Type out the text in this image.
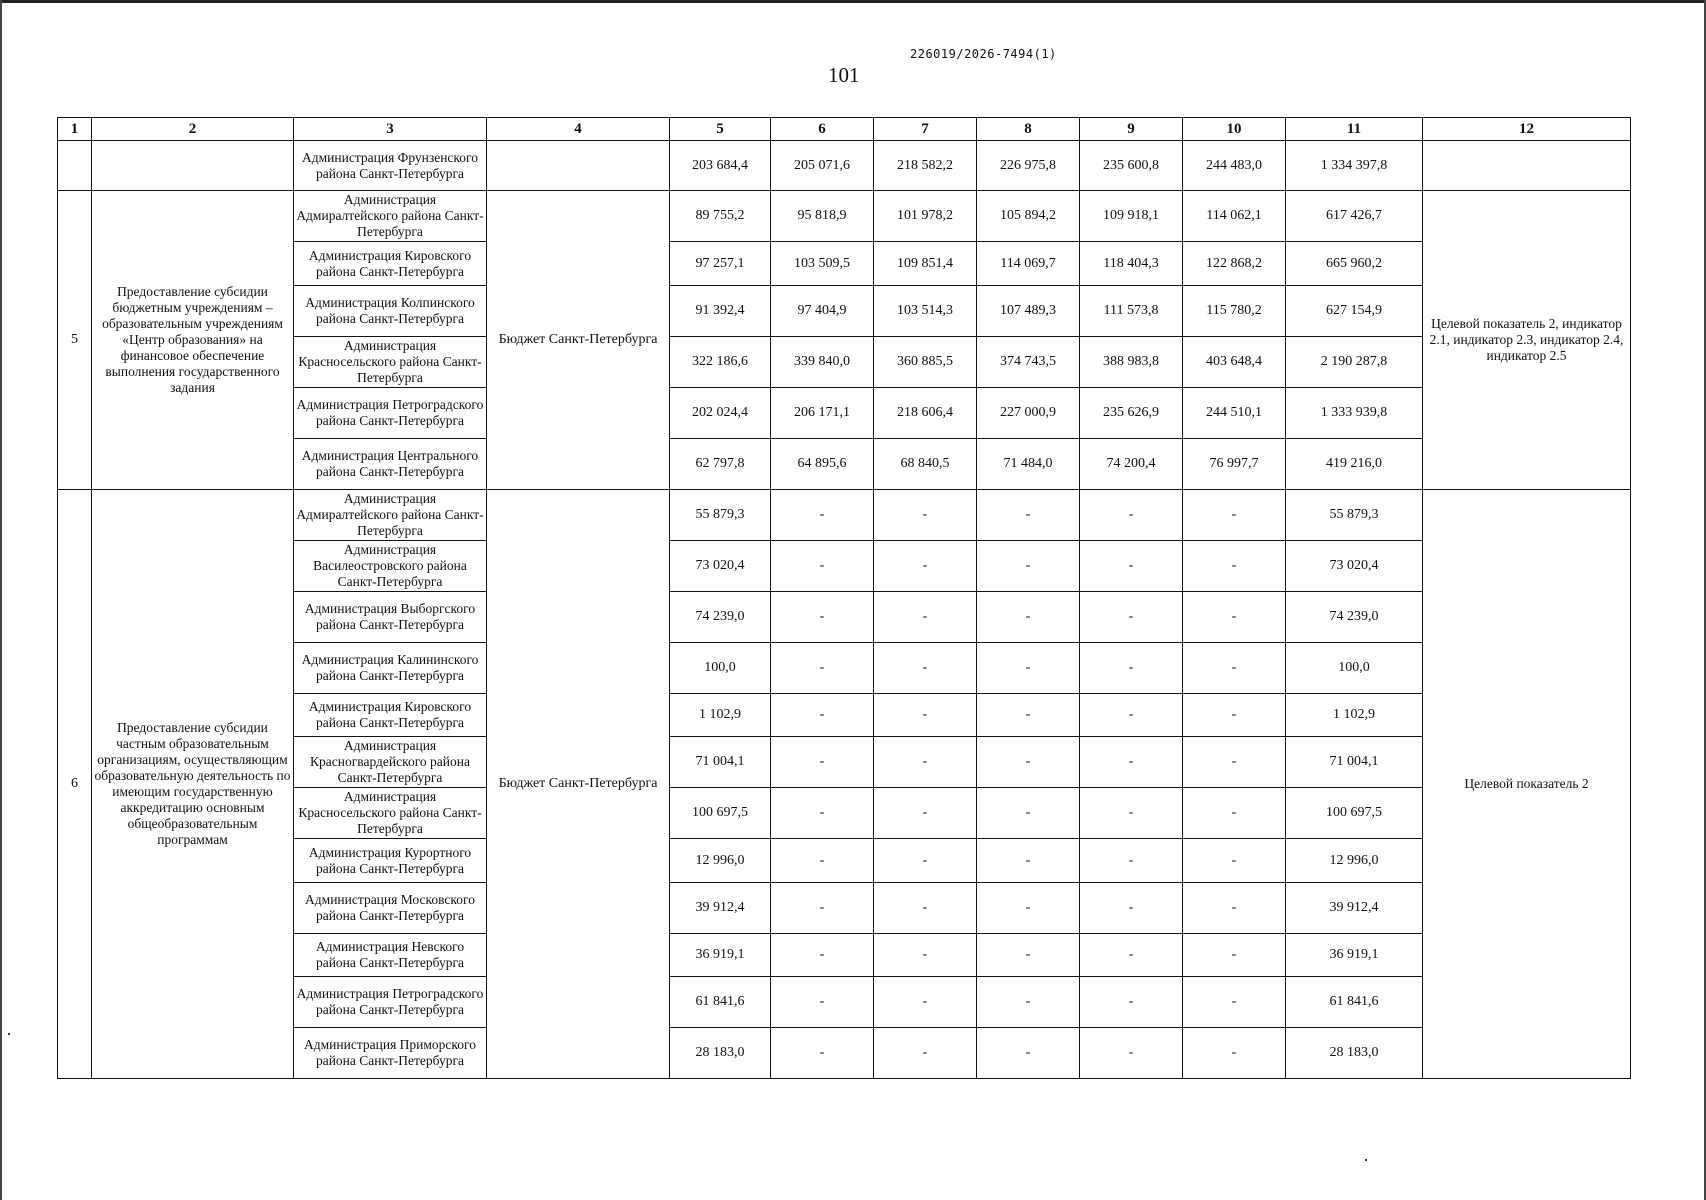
226019/2026-7494(1)
101
1	2	3	4	5	6	7	8	9	10	11	12
		Администрация Фрунзенского района Санкт-Петербурга		203 684,4	205 071,6	218 582,2	226 975,8	235 600,8	244 483,0	1 334 397,8	
5	Предоставление субсидии бюджетным учреждениям – образовательным учреждениям «Центр образования» на финансовое обеспечение выполнения государственного задания	Администрация Адмиралтейского района Санкт-Петербурга	Бюджет Санкт-Петербурга	89 755,2	95 818,9	101 978,2	105 894,2	109 918,1	114 062,1	617 426,7	Целевой показатель 2, индикатор 2.1, индикатор 2.3, индикатор 2.4, индикатор 2.5
		Администрация Кировского района Санкт-Петербурга		97 257,1	103 509,5	109 851,4	114 069,7	118 404,3	122 868,2	665 960,2	
		Администрация Колпинского района Санкт-Петербурга		91 392,4	97 404,9	103 514,3	107 489,3	111 573,8	115 780,2	627 154,9	
		Администрация Красносельского района Санкт-Петербурга		322 186,6	339 840,0	360 885,5	374 743,5	388 983,8	403 648,4	2 190 287,8	
		Администрация Петроградского района Санкт-Петербурга		202 024,4	206 171,1	218 606,4	227 000,9	235 626,9	244 510,1	1 333 939,8	
		Администрация Центрального района Санкт-Петербурга		62 797,8	64 895,6	68 840,5	71 484,0	74 200,4	76 997,7	419 216,0	
6	Предоставление субсидии частным образовательным организациям, осуществляющим образовательную деятельность по имеющим государственную аккредитацию основным общеобразовательным программам	Администрация Адмиралтейского района Санкт-Петербурга	Бюджет Санкт-Петербурга	55 879,3	-	-	-	-	-	55 879,3	Целевой показатель 2
		Администрация Василеостровского района Санкт-Петербурга		73 020,4	-	-	-	-	-	73 020,4	
		Администрация Выборгского района Санкт-Петербурга		74 239,0	-	-	-	-	-	74 239,0	
		Администрация Калининского района Санкт-Петербурга		100,0	-	-	-	-	-	100,0	
		Администрация Кировского района Санкт-Петербурга		1 102,9	-	-	-	-	-	1 102,9	
		Администрация Красногвардейского района Санкт-Петербурга		71 004,1	-	-	-	-	-	71 004,1	
		Администрация Красносельского района Санкт-Петербурга		100 697,5	-	-	-	-	-	100 697,5	
		Администрация Курортного района Санкт-Петербурга		12 996,0	-	-	-	-	-	12 996,0	
		Администрация Московского района Санкт-Петербурга		39 912,4	-	-	-	-	-	39 912,4	
		Администрация Невского района Санкт-Петербурга		36 919,1	-	-	-	-	-	36 919,1	
		Администрация Петроградского района Санкт-Петербурга		61 841,6	-	-	-	-	-	61 841,6	
		Администрация Приморского района Санкт-Петербурга		28 183,0	-	-	-	-	-	28 183,0	
